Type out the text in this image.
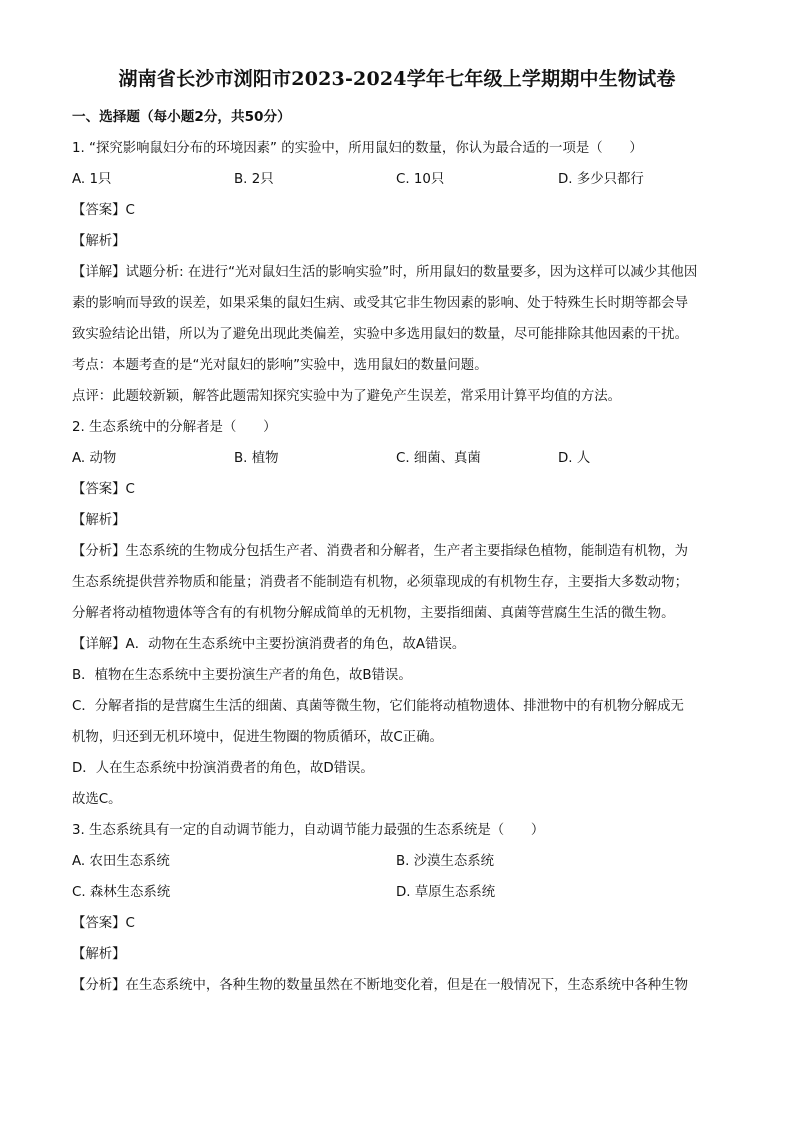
湖南省长沙市浏阳市2023-2024学年七年级上学期期中生物试卷
一、选择题（每小题2分，共50分）
1. “探究影响鼠妇分布的环境因素” 的实验中，所用鼠妇的数量，你认为最合适的一项是（　　）
A. 1只	B. 2只	C. 10只	D. 多少只都行
【答案】C
【解析】
【详解】试题分析: 在进行“光对鼠妇生活的影响实验”时，所用鼠妇的数量要多，因为这样可以减少其他因
素的影响而导致的误差，如果采集的鼠妇生病、或受其它非生物因素的影响、处于特殊生长时期等都会导
致实验结论出错，所以为了避免出现此类偏差，实验中多选用鼠妇的数量，尽可能排除其他因素的干扰。
考点：本题考查的是“光对鼠妇的影响”实验中，选用鼠妇的数量问题。
点评：此题较新颖，解答此题需知探究实验中为了避免产生误差，常采用计算平均值的方法。
2. 生态系统中的分解者是（　　）
A. 动物	B. 植物	C. 细菌、真菌	D. 人
【答案】C
【解析】
【分析】生态系统的生物成分包括生产者、消费者和分解者，生产者主要指绿色植物，能制造有机物，为
生态系统提供营养物质和能量；消费者不能制造有机物，必须靠现成的有机物生存，主要指大多数动物；
分解者将动植物遗体等含有的有机物分解成简单的无机物，主要指细菌、真菌等营腐生生活的微生物。
【详解】A．动物在生态系统中主要扮演消费者的角色，故A错误。
B．植物在生态系统中主要扮演生产者的角色，故B错误。
C．分解者指的是营腐生生活的细菌、真菌等微生物，它们能将动植物遗体、排泄物中的有机物分解成无
机物，归还到无机环境中，促进生物圈的物质循环，故C正确。
D．人在生态系统中扮演消费者的角色，故D错误。
故选C。
3. 生态系统具有一定的自动调节能力，自动调节能力最强的生态系统是（　　）
A. 农田生态系统	B. 沙漠生态系统
C. 森林生态系统	D. 草原生态系统
【答案】C
【解析】
【分析】在生态系统中，各种生物的数量虽然在不断地变化着，但是在一般情况下，生态系统中各种生物
